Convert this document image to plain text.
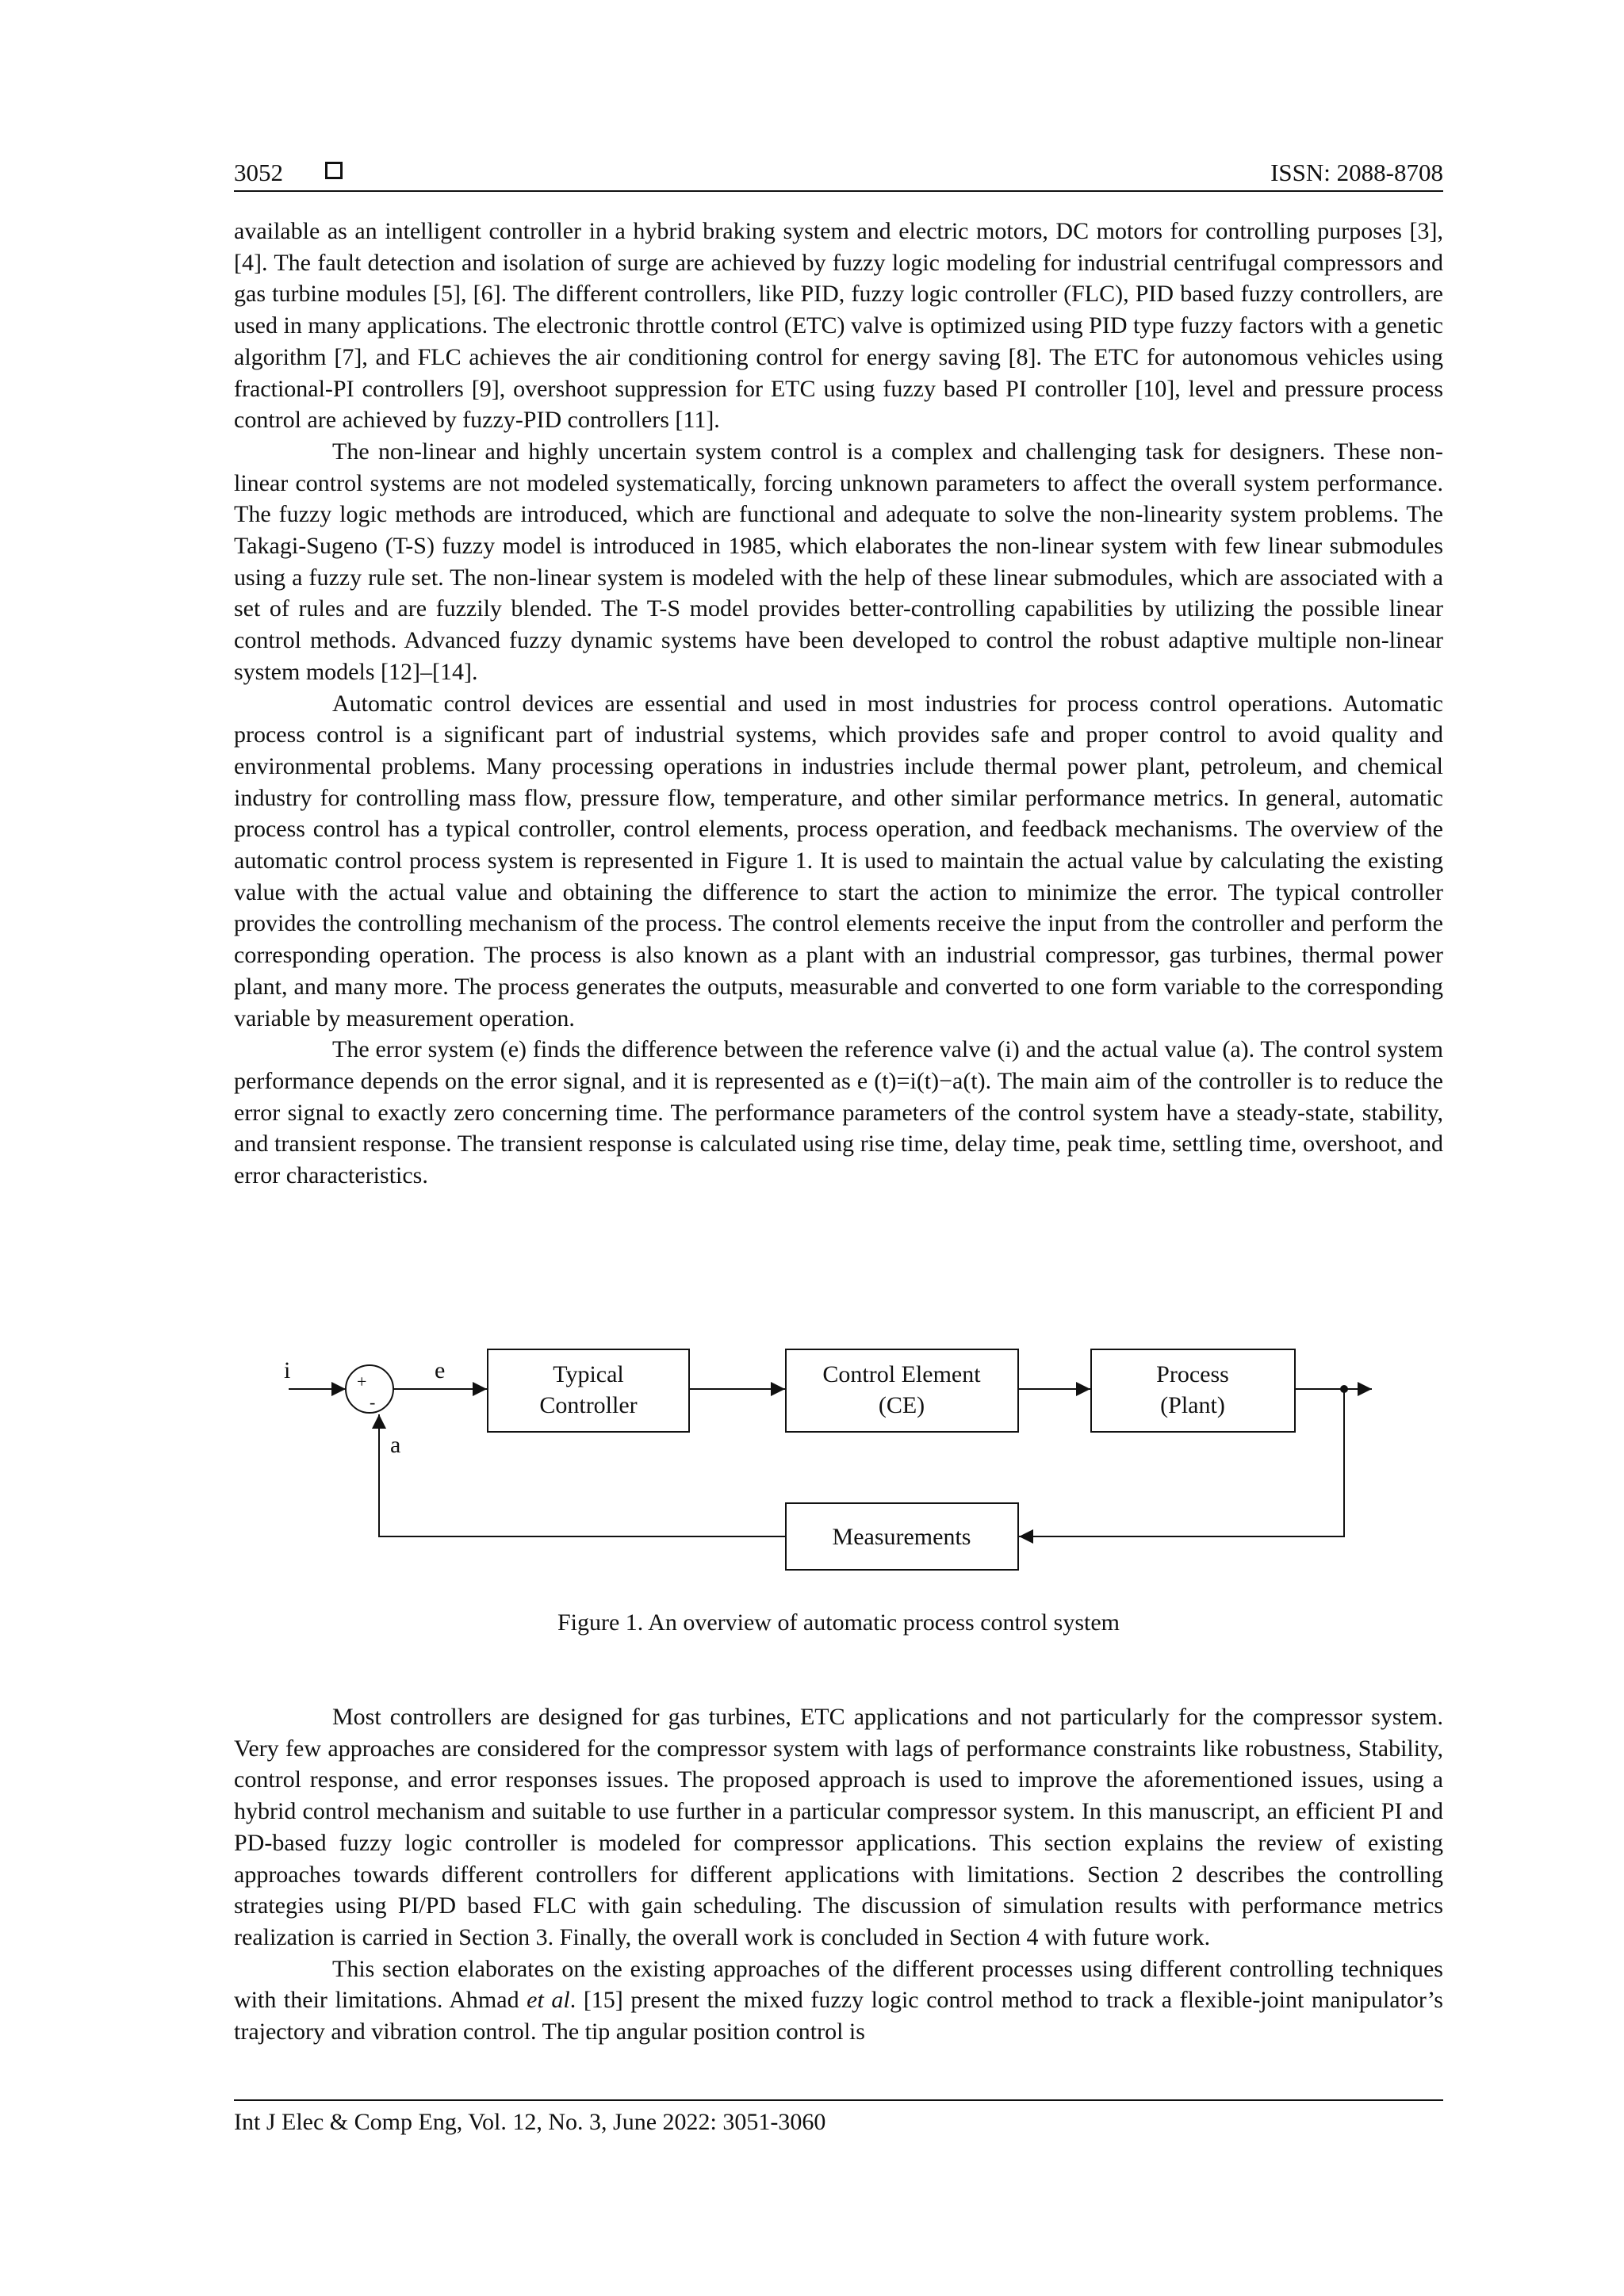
3052	ISSN: 2088-8708

available as an intelligent controller in a hybrid braking system and electric motors, DC motors for controlling purposes [3], [4]. The fault detection and isolation of surge are achieved by fuzzy logic modeling for industrial centrifugal compressors and gas turbine modules [5], [6]. The different controllers, like PID, fuzzy logic controller (FLC), PID based fuzzy controllers, are used in many applications. The electronic throttle control (ETC) valve is optimized using PID type fuzzy factors with a genetic algorithm [7], and FLC achieves the air conditioning control for energy saving [8]. The ETC for autonomous vehicles using fractional-PI controllers [9], overshoot suppression for ETC using fuzzy based PI controller [10], level and pressure process control are achieved by fuzzy-PID controllers [11].

The non-linear and highly uncertain system control is a complex and challenging task for designers. These non-linear control systems are not modeled systematically, forcing unknown parameters to affect the overall system performance. The fuzzy logic methods are introduced, which are functional and adequate to solve the non-linearity system problems. The Takagi-Sugeno (T-S) fuzzy model is introduced in 1985, which elaborates the non-linear system with few linear submodules using a fuzzy rule set. The non-linear system is modeled with the help of these linear submodules, which are associated with a set of rules and are fuzzily blended. The T-S model provides better-controlling capabilities by utilizing the possible linear control methods. Advanced fuzzy dynamic systems have been developed to control the robust adaptive multiple non-linear system models [12]–[14].

Automatic control devices are essential and used in most industries for process control operations. Automatic process control is a significant part of industrial systems, which provides safe and proper control to avoid quality and environmental problems. Many processing operations in industries include thermal power plant, petroleum, and chemical industry for controlling mass flow, pressure flow, temperature, and other similar performance metrics. In general, automatic process control has a typical controller, control elements, process operation, and feedback mechanisms. The overview of the automatic control process system is represented in Figure 1. It is used to maintain the actual value by calculating the existing value with the actual value and obtaining the difference to start the action to minimize the error. The typical controller provides the controlling mechanism of the process. The control elements receive the input from the controller and perform the corresponding operation. The process is also known as a plant with an industrial compressor, gas turbines, thermal power plant, and many more. The process generates the outputs, measurable and converted to one form variable to the corresponding variable by measurement operation.

The error system (e) finds the difference between the reference valve (i) and the actual value (a). The control system performance depends on the error signal, and it is represented as e (t)=i(t)−a(t). The main aim of the controller is to reduce the error signal to exactly zero concerning time. The performance parameters of the control system have a steady-state, stability, and transient response. The transient response is calculated using rise time, delay time, peak time, settling time, overshoot, and error characteristics.

i	e
a
+
-
Typical
Controller
Control Element
(CE)
Process
(Plant)
Measurements
Figure 1. An overview of automatic process control system

Most controllers are designed for gas turbines, ETC applications and not particularly for the compressor system. Very few approaches are considered for the compressor system with lags of performance constraints like robustness, Stability, control response, and error responses issues. The proposed approach is used to improve the aforementioned issues, using a hybrid control mechanism and suitable to use further in a particular compressor system. In this manuscript, an efficient PI and PD-based fuzzy logic controller is modeled for compressor applications. This section explains the review of existing approaches towards different controllers for different applications with limitations. Section 2 describes the controlling strategies using PI/PD based FLC with gain scheduling. The discussion of simulation results with performance metrics realization is carried in Section 3. Finally, the overall work is concluded in Section 4 with future work.

This section elaborates on the existing approaches of the different processes using different controlling techniques with their limitations. Ahmad et al. [15] present the mixed fuzzy logic control method to track a flexible-joint manipulator’s trajectory and vibration control. The tip angular position control is

Int J Elec & Comp Eng, Vol. 12, No. 3, June 2022: 3051-3060
